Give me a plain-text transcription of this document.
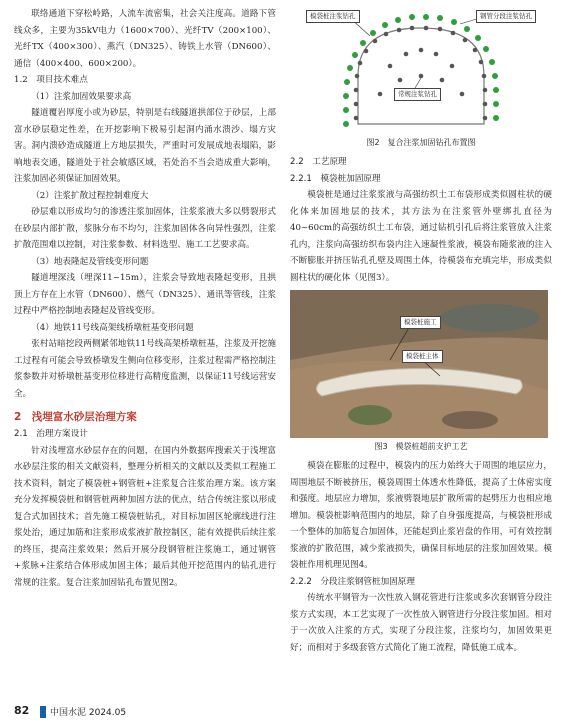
联络通道下穿松岭路，人流车流密集，社会关注度高。道路下管线众多，主要为35kV电力（1600×700）、光纤TV（200×100）、光纤TX（400×300）、燕汽（DN325）、铸铁上水管（DN600）、通信（400×400、600×200）。

1.2　项目技术难点

（1）注浆加固效果要求高

隧道覆岩厚度小或为砂层，特别是右线隧道拱部位于砂层，上部富水砂层稳定性差，在开挖影响下极易引起洞内涌水溃沙、塌方灾害。洞内溃砂造成隧道上方地层损失，严重时可发展成地表塌陷，影响地表交通，隧道处于社会敏感区域，若处治不当会造成重大影响，注浆加固必须保证加固效果。

（2）注浆扩散过程控制难度大

砂层难以形成均匀的渗透注浆加固体，注浆浆液大多以劈裂形式在砂层内部扩散，浆脉分布不均匀，注浆加固体各向异性强烈，注浆扩散范围难以控制，对注浆参数、材料选型、施工工艺要求高。

（3）地表隆起及管线变形问题

隧道埋深浅（埋深11~15m），注浆会导致地表隆起变形，且拱顶上方存在上水管（DN600）、燃气（DN325）、通讯等管线，注浆过程中严格控制地表隆起及管线变形。

（4）地铁11号线高架线桥墩桩基变形问题

张村站暗挖段两侧紧邻地铁11号线高架桥墩桩基，注浆及开挖施工过程有可能会导致桥墩发生侧向位移变形，注浆过程需严格控制注浆参数并对桥墩桩基变形位移进行高精度监测，以保证11号线运营安全。

2　浅埋富水砂层治理方案
2.1　治理方案设计

针对浅埋富水砂层存在的问题，在国内外数据库搜索关于浅埋富水砂层注浆的相关文献资料，整理分析相关的文献以及类似工程施工技术资料，制定了模袋桩+钢管桩+注浆复合注浆治理方案。该方案充分发挥模袋桩和钢管桩两种加固方法的优点，结合传统注浆以形成复合式加固技术；首先施工模袋桩钻孔，对目标加固区轮廓线进行注浆处治，通过加筋和注浆形成浆液扩散控制区，能有效提供后续注浆的终压，提高注浆效果；然后开展分段钢管桩注浆施工，通过钢管+浆脉+注浆结合体形成加固主体；最后其他开挖范围内的钻孔进行常规的注浆。复合注浆加固钻孔布置见图2。

模袋桩注浆钻孔	钢管分段注浆钻孔
常规注浆钻孔
图2　复合注浆加固钻孔布置图
2.2　工艺原理
2.2.1　模袋桩加固原理

模袋桩是通过注浆浆液与高强纺织土工布袋形成类似圆柱状的硬化体来加固地层的技术，其方法为在注浆管外壁绑扎直径为40~60cm的高强纺织土工布袋，通过钻机引孔后将注浆管放入注浆孔内，注浆向高强纺织布袋内注入速凝性浆液，模袋布随浆液的注入不断膨胀并挤压钻孔孔壁及周围土体，待模袋布充填完毕，形成类似圆柱状的硬化体（见图3）。

模袋桩施工
模袋桩主体
图3　模袋桩超前支护工艺

模袋在膨胀的过程中，模袋内的压力始终大于周围的地层应力，周围地层不断被挤压，模袋周围土体透水性降低，提高了土体密实度和强度。地层应力增加，浆液劈裂地层扩散所需的起劈压力也相应地增加。模袋桩影响范围内的地层，除了自身强度提高，与模袋桩形成一个整体的加筋复合加固体，还能起到止浆岩盘的作用，可有效控制浆液的扩散范围，减少浆液损失，确保目标地层的注浆加固效果。模袋桩作用机理见图4。

2.2.2　分段注浆钢管桩加固原理

传统水平钢管为一次性放入钢花管进行注浆或多次套钢管分段注浆方式实现，本工艺实现了一次性放入钢管进行分段注浆加固。相对于一次放入注浆的方式，实现了分段注浆，注浆均匀，加固效果更好；而相对于多级套管方式简化了施工流程，降低施工成本。

82 中国水泥 2024.05
